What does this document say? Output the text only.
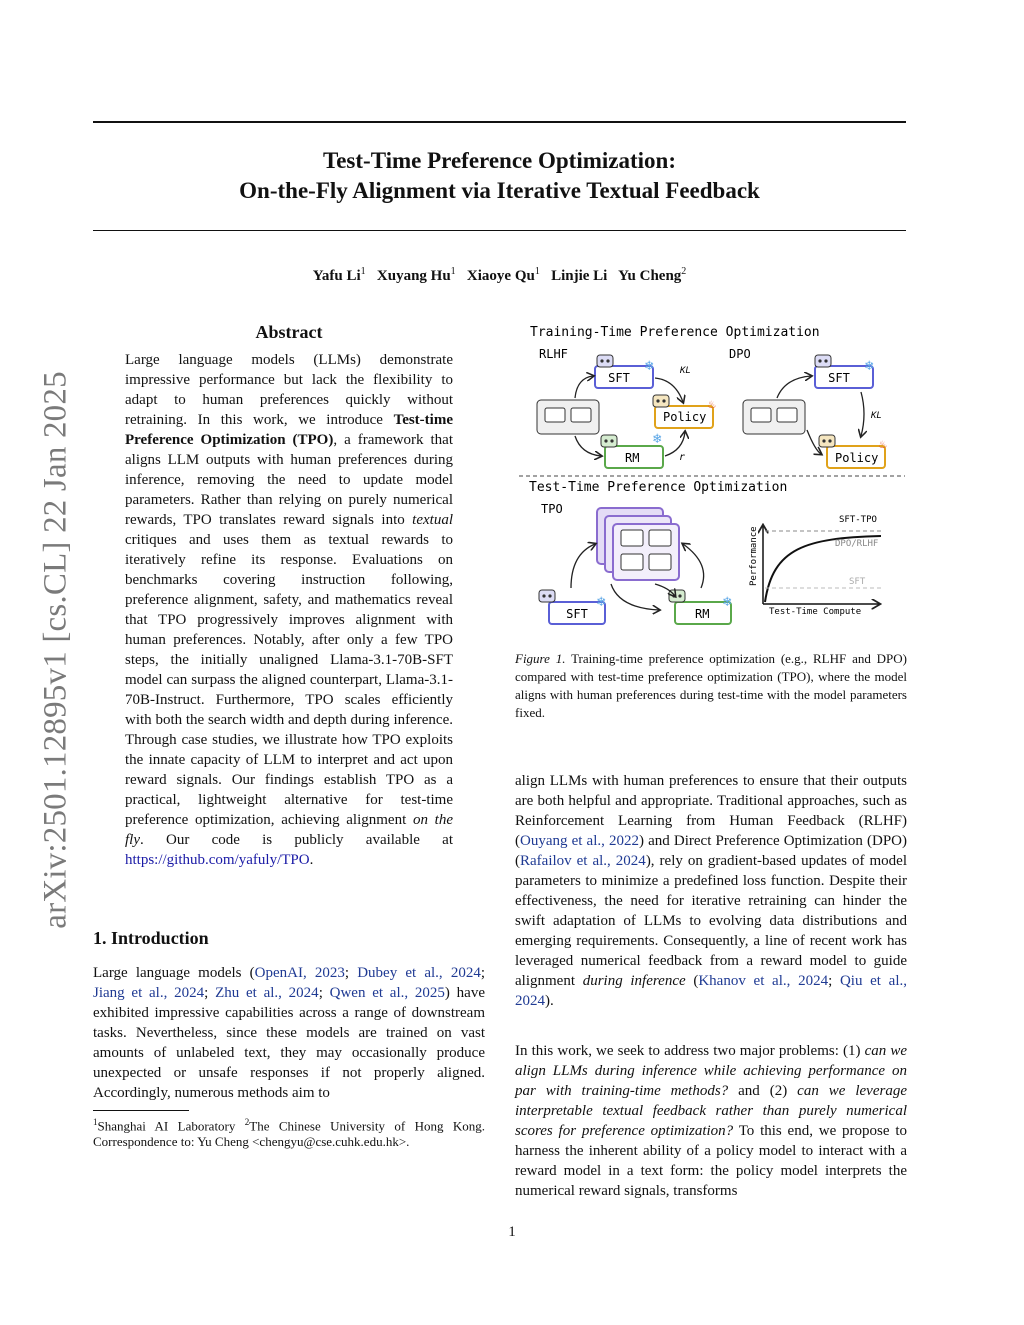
Test-Time Preference Optimization:
On-the-Fly Alignment via Iterative Textual Feedback
Yafu Li$^1$ Xuyang Hu$^1$ Xiaoye Qu$^1$ Linjie Li Yu Cheng$^2$
arXiv:2501.12895v1 [cs.CL] 22 Jan 2025
Abstract
Large language models (LLMs) demonstrate impressive performance but lack the flexibility to adapt to human preferences quickly without retraining. In this work, we introduce Test-time Preference Optimization (TPO), a framework that aligns LLM outputs with human preferences during inference, removing the need to update model parameters. Rather than relying on purely numerical rewards, TPO translates reward signals into textual critiques and uses them as textual rewards to iteratively refine its response. Evaluations on benchmarks covering instruction following, preference alignment, safety, and mathematics reveal that TPO progressively improves alignment with human preferences. Notably, after only a few TPO steps, the initially unaligned Llama-3.1-70B-SFT model can surpass the aligned counterpart, Llama-3.1-70B-Instruct. Furthermore, TPO scales efficiently with both the search width and depth during inference. Through case studies, we illustrate how TPO exploits the innate capacity of LLM to interpret and act upon reward signals. Our findings establish TPO as a practical, lightweight alternative for test-time preference optimization, achieving alignment on the fly. Our code is publicly available at https://github.com/yafuly/TPO.
1. Introduction
Large language models (OpenAI, 2023; Dubey et al., 2024; Jiang et al., 2024; Zhu et al., 2024; Qwen et al., 2025) have exhibited impressive capabilities across a range of downstream tasks. Nevertheless, since these models are trained on vast amounts of unlabeled text, they may occasionally produce unexpected or unsafe responses if not properly aligned. Accordingly, numerous methods aim to
$^1$Shanghai AI Laboratory $^2$The Chinese University of Hong Kong. Correspondence to: Yu Cheng <chengyu@cse.cuhk.edu.hk>.
Training-Time Preference Optimization
RLHF	DPO
SFT
❄	KL
Policy
♨
RM
❄
r
SFT
❄
KL
Policy
♨
Test-Time Preference Optimization
TPO
SFT
❄
RM
❄
Performance
Test-Time Compute
SFT-TPO
DPO/RLHF
SFT
Figure 1. Training-time preference optimization (e.g., RLHF and DPO) compared with test-time preference optimization (TPO), where the model aligns with human preferences during test-time with the model parameters fixed.
align LLMs with human preferences to ensure that their outputs are both helpful and appropriate. Traditional approaches, such as Reinforcement Learning from Human Feedback (RLHF) (Ouyang et al., 2022) and Direct Preference Optimization (DPO) (Rafailov et al., 2024), rely on gradient-based updates of model parameters to minimize a predefined loss function. Despite their effectiveness, the need for iterative retraining can hinder the swift adaptation of LLMs to evolving data distributions and emerging requirements. Consequently, a line of recent work has leveraged numerical feedback from a reward model to guide alignment during inference (Khanov et al., 2024; Qiu et al., 2024).
In this work, we seek to address two major problems: (1) can we align LLMs during inference while achieving performance on par with training-time methods? and (2) can we leverage interpretable textual feedback rather than purely numerical scores for preference optimization? To this end, we propose to harness the inherent ability of a policy model to interact with a reward model in a text form: the policy model interprets the numerical reward signals, transforms
1
